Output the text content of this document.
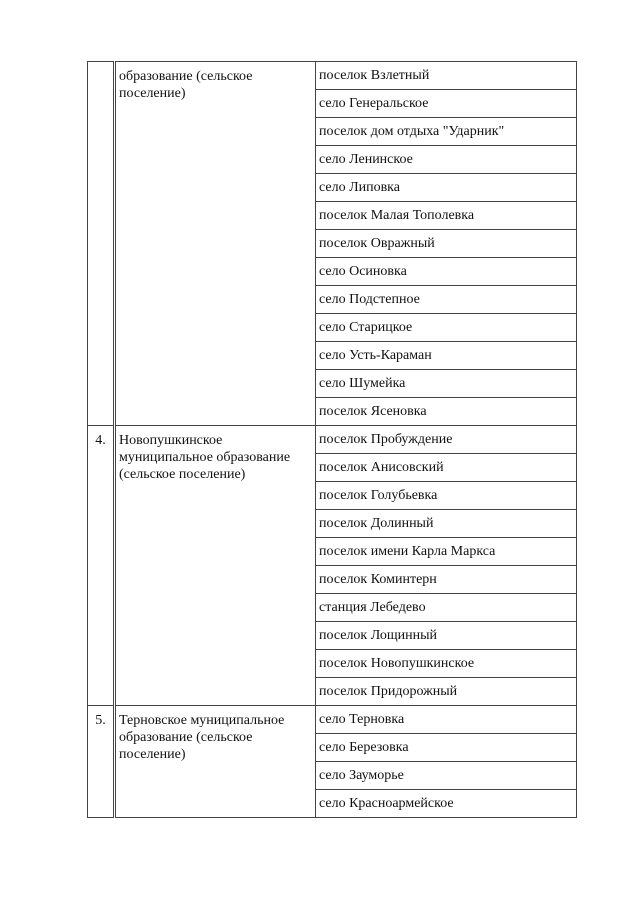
	образование (сельское поселение)	поселок Взлетный
		село Генеральское
		поселок дом отдыха "Ударник"
		село Ленинское
		село Липовка
		поселок Малая Тополевка
		поселок Овражный
		село Осиновка
		село Подстепное
		село Старицкое
		село Усть-Караман
		село Шумейка
		поселок Ясеновка
4.	Новопушкинское муниципальное образование (сельское поселение)	поселок Пробуждение
		поселок Анисовский
		поселок Голубьевка
		поселок Долинный
		поселок имени Карла Маркса
		поселок Коминтерн
		станция Лебедево
		поселок Лощинный
		поселок Новопушкинское
		поселок Придорожный
5.	Терновское муниципальное образование (сельское поселение)	село Терновка
		село Березовка
		село Зауморье
		село Красноармейское
